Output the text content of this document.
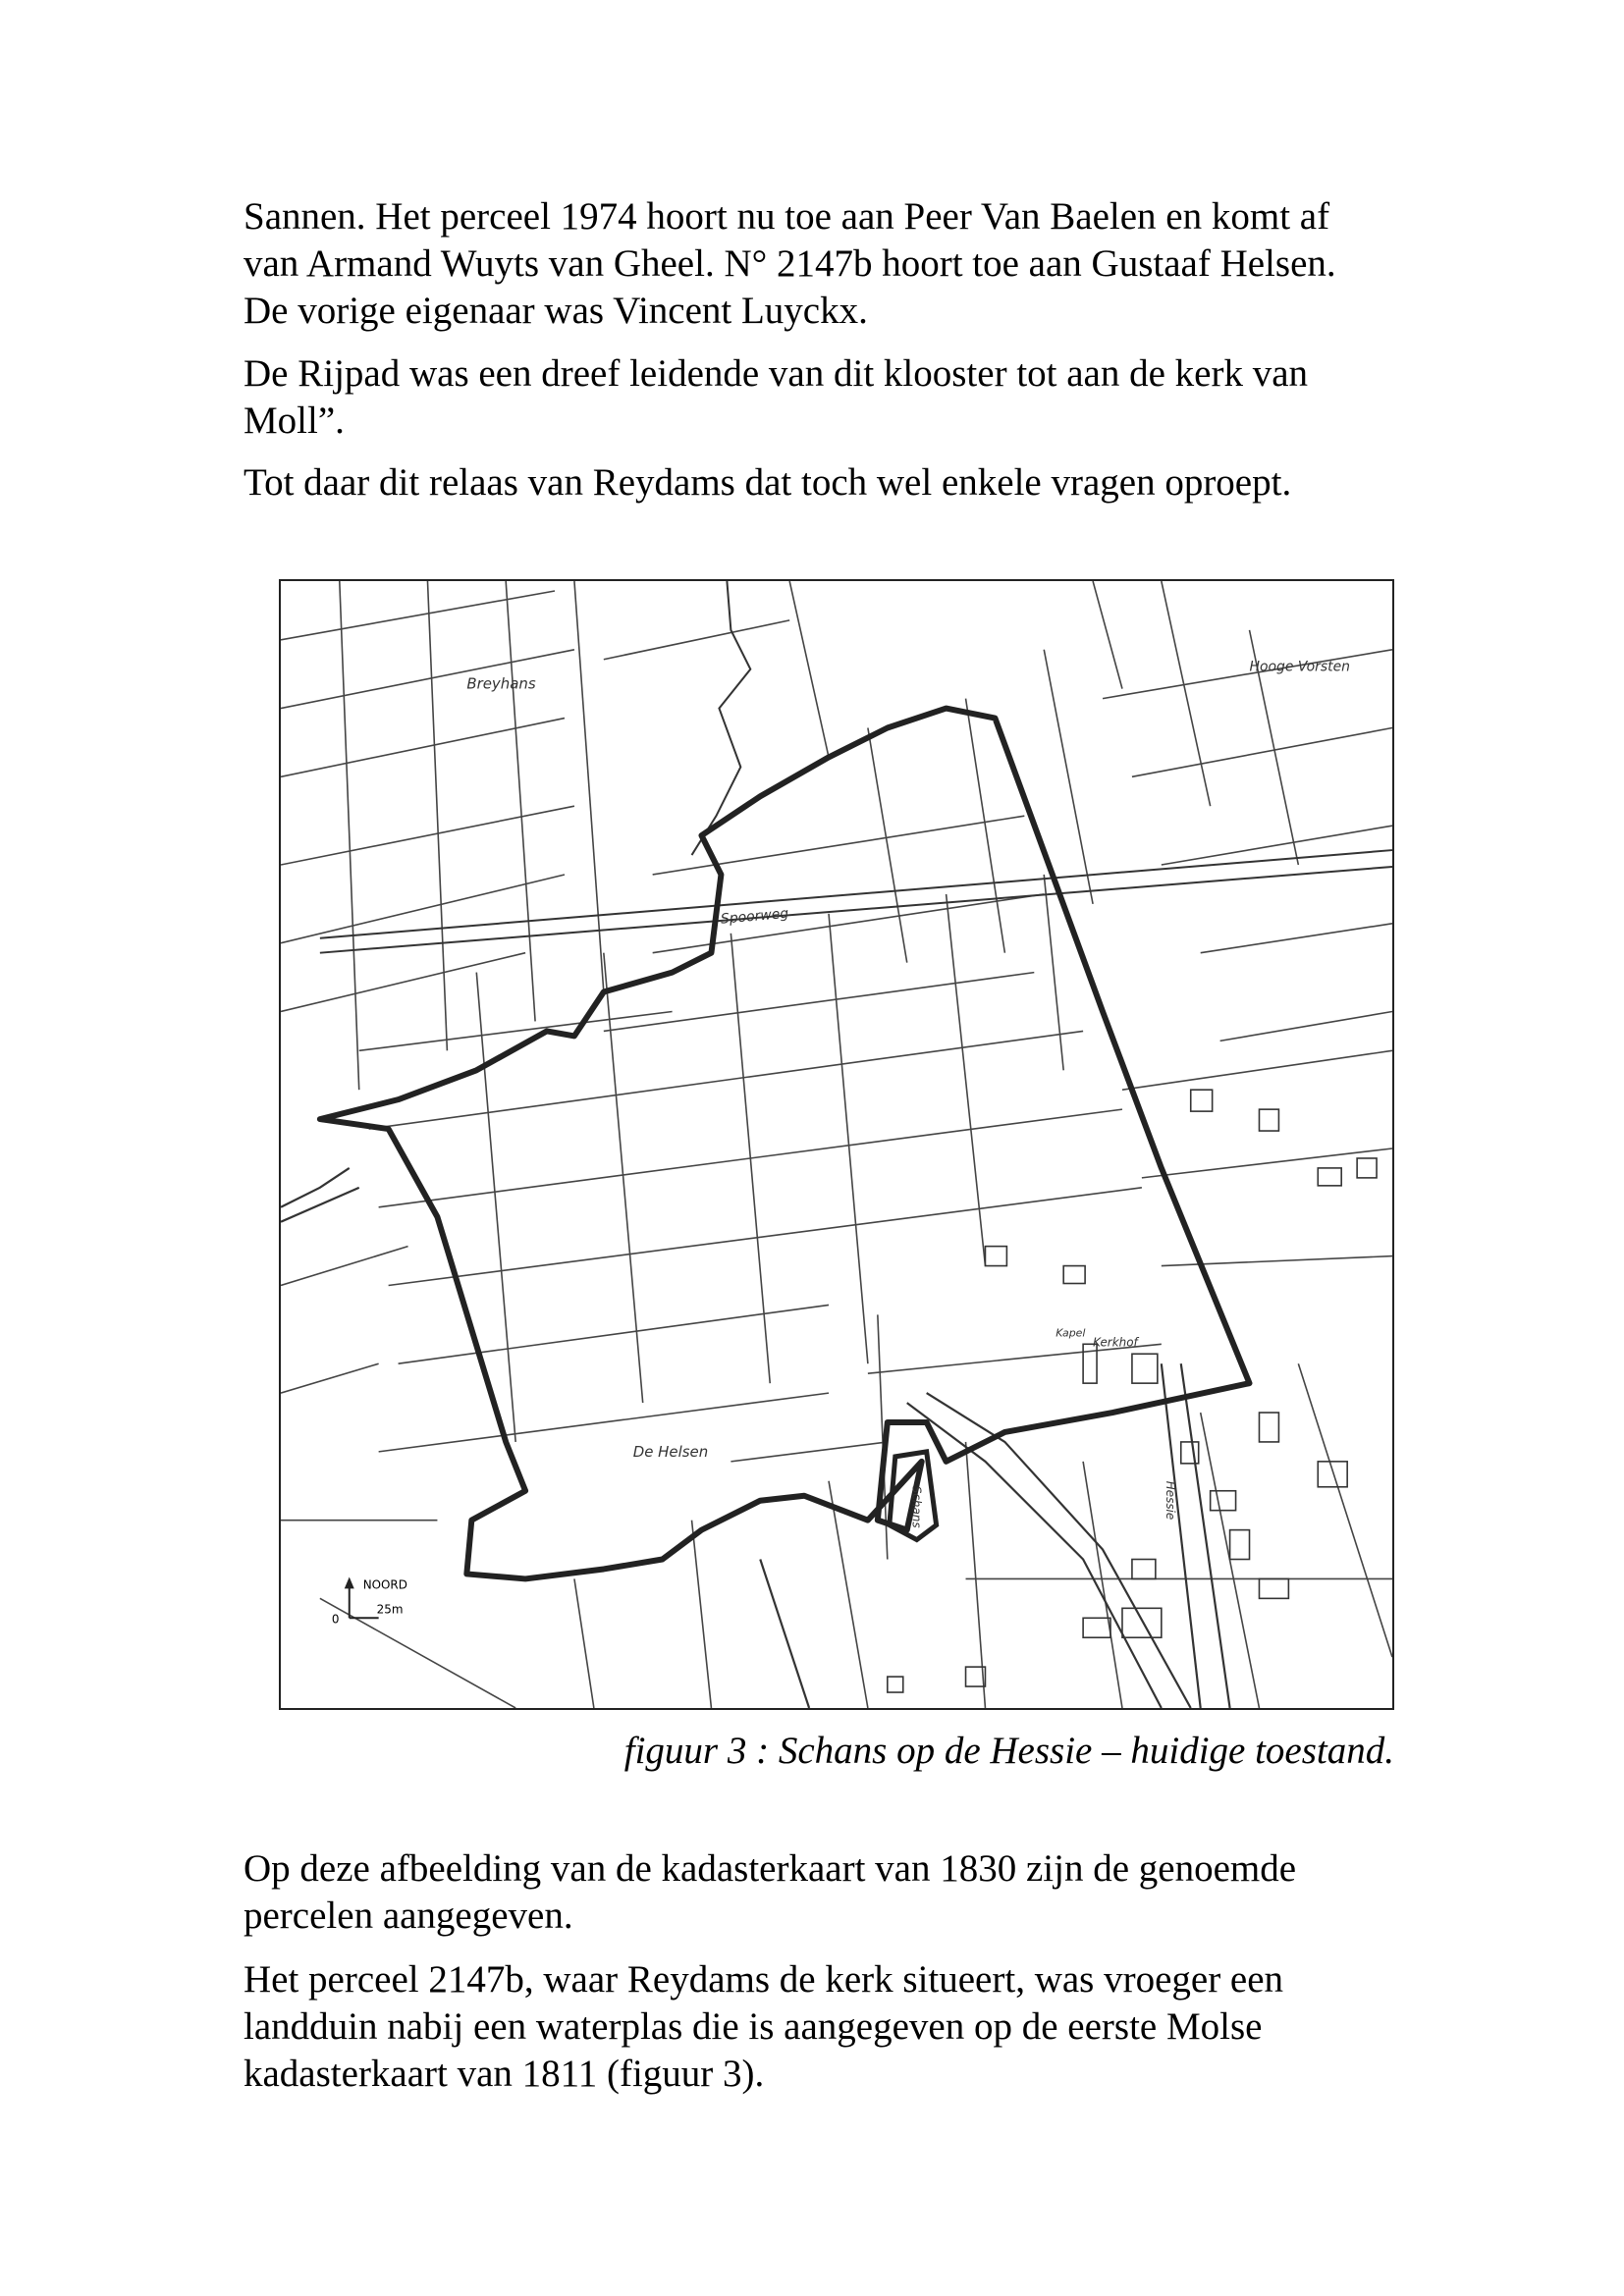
Sannen. Het perceel 1974 hoort nu toe aan Peer Van Baelen en komt af
van Armand Wuyts van Gheel. N° 2147b hoort toe aan Gustaaf Helsen.
De vorige eigenaar was Vincent Luyckx.

De Rijpad was een dreef leidende van dit klooster tot aan de kerk van
Moll”.

Tot daar dit relaas van Reydams dat toch wel enkele vragen oproept.

Breyhans
Hooge Vorsten
Spoorweg
De Helsen
Schans	Hessie
Kerkhof
Kapel
NOORD
0
25m

figuur 3 : Schans op de Hessie – huidige toestand.

Op deze afbeelding van de kadasterkaart van 1830 zijn de genoemde
percelen aangegeven.

Het perceel 2147b, waar Reydams de kerk situeert, was vroeger een
landduin nabij een waterplas die is aangegeven op de eerste Molse
kadasterkaart van 1811 (figuur 3).
